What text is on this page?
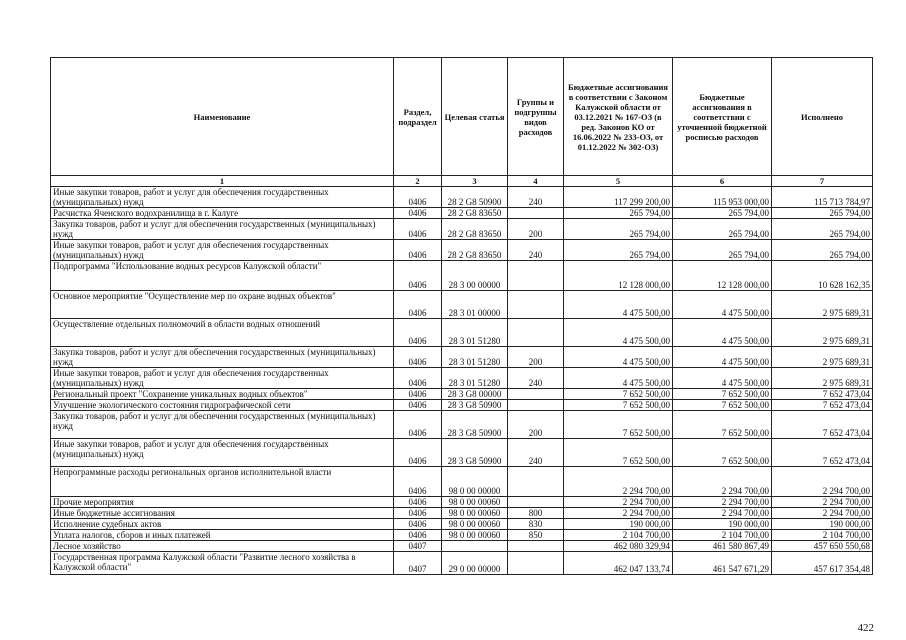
Наименование	Раздел, подраздел	Целевая статья	Группы и подгруппы видов расходов	Бюджетные ассигнования в соответствии с Законом Калужской области от 03.12.2021 № 167-ОЗ (в ред. Законов КО от 16.06.2022 № 233-ОЗ, от 01.12.2022 № 302-ОЗ)	Бюджетные ассигнования в соответствии с уточненной бюджетной росписью расходов	Исполнено
1	2	3	4	5	6	7
Иные закупки товаров, работ и услуг для обеспечения государственных (муниципальных) нужд	0406	28 2 G8 50900	240	117 299 200,00	115 953 000,00	115 713 784,97
Расчистка Яченского водохранилища в г. Калуге	0406	28 2 G8 83650		265 794,00	265 794,00	265 794,00
Закупка товаров, работ и услуг для обеспечения государственных (муниципальных) нужд	0406	28 2 G8 83650	200	265 794,00	265 794,00	265 794,00
Иные закупки товаров, работ и услуг для обеспечения государственных (муниципальных) нужд	0406	28 2 G8 83650	240	265 794,00	265 794,00	265 794,00
Подпрограмма "Использование водных ресурсов Калужской области"	0406	28 3 00 00000		12 128 000,00	12 128 000,00	10 628 162,35
Основное мероприятие "Осуществление мер по охране водных объектов"	0406	28 3 01 00000		4 475 500,00	4 475 500,00	2 975 689,31
Осуществление отдельных полномочий в области водных отношений	0406	28 3 01 51280		4 475 500,00	4 475 500,00	2 975 689,31
Закупка товаров, работ и услуг для обеспечения государственных (муниципальных) нужд	0406	28 3 01 51280	200	4 475 500,00	4 475 500,00	2 975 689,31
Иные закупки товаров, работ и услуг для обеспечения государственных (муниципальных) нужд	0406	28 3 01 51280	240	4 475 500,00	4 475 500,00	2 975 689,31
Региональный проект "Сохранение уникальных водных объектов"	0406	28 3 G8 00000		7 652 500,00	7 652 500,00	7 652 473,04
Улучшение экологического состояния гидрографической сети	0406	28 3 G8 50900		7 652 500,00	7 652 500,00	7 652 473,04
Закупка товаров, работ и услуг для обеспечения государственных (муниципальных) нужд	0406	28 3 G8 50900	200	7 652 500,00	7 652 500,00	7 652 473,04
Иные закупки товаров, работ и услуг для обеспечения государственных (муниципальных) нужд	0406	28 3 G8 50900	240	7 652 500,00	7 652 500,00	7 652 473,04
Непрограммные расходы региональных органов исполнительной власти	0406	98 0 00 00000		2 294 700,00	2 294 700,00	2 294 700,00
Прочие мероприятия	0406	98 0 00 00060		2 294 700,00	2 294 700,00	2 294 700,00
Иные бюджетные ассигнования	0406	98 0 00 00060	800	2 294 700,00	2 294 700,00	2 294 700,00
Исполнение судебных актов	0406	98 0 00 00060	830	190 000,00	190 000,00	190 000,00
Уплата налогов, сборов и иных платежей	0406	98 0 00 00060	850	2 104 700,00	2 104 700,00	2 104 700,00
Лесное хозяйство	0407			462 080 329,94	461 580 867,49	457 650 550,68
Государственная программа Калужской области "Развитие лесного хозяйства в Калужской области"	0407	29 0 00 00000		462 047 133,74	461 547 671,29	457 617 354,48
422
